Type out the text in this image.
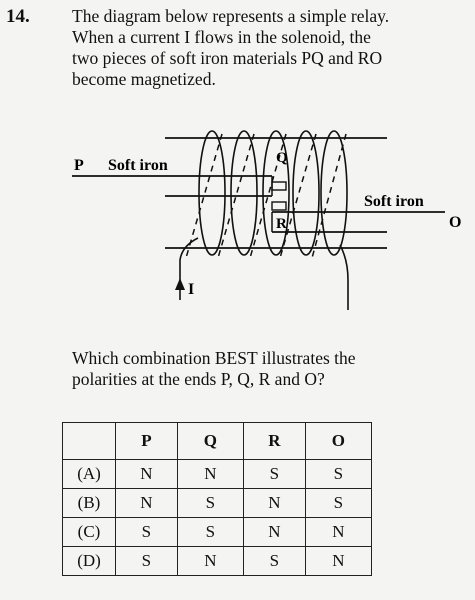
14. The diagram below represents a simple relay.
When a current I flows in the solenoid, the
two pieces of soft iron materials PQ and RO
become magnetized.
P Soft iron	Q
R
Soft iron
O
I
Which combination BEST illustrates the
polarities at the ends P, Q, R and O?
	P	Q	R	O
(A)	N	N	S	S
(B)	N	S	N	S
(C)	S	S	N	N
(D)	S	N	S	N
